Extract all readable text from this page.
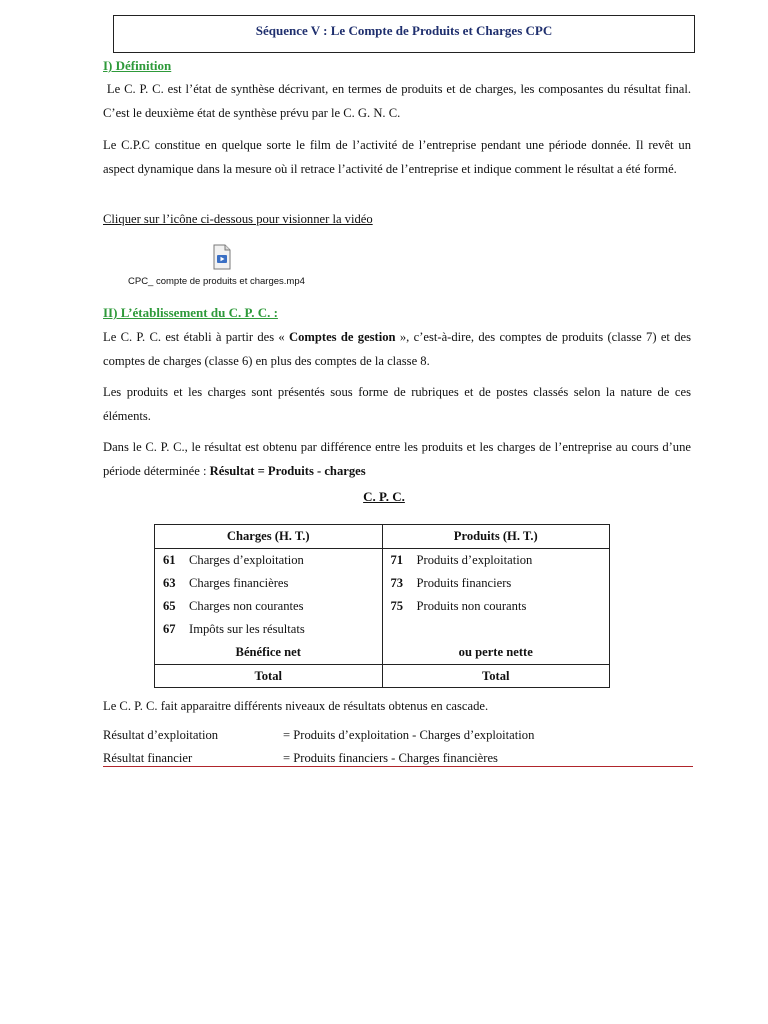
Séquence V : Le Compte de Produits et Charges CPC
I) Définition
Le C. P. C. est l’état de synthèse décrivant, en termes de produits et de charges, les composantes du résultat final. C’est le deuxième état de synthèse prévu par le C. G. N. C.
Le C.P.C constitue en quelque sorte le film de l’activité de l’entreprise pendant une période donnée. Il revêt un aspect dynamique dans la mesure où il retrace l’activité de l’entreprise et indique comment le résultat a été formé.
Cliquer sur l’icône ci-dessous pour visionner la vidéo
CPC_ compte de produits et charges.mp4
II) L’établissement du C. P. C. :
Le C. P. C. est établi à partir des « Comptes de gestion », c’est-à-dire, des comptes de produits (classe 7) et des comptes de charges (classe 6) en plus des comptes de la classe 8.
Les produits et les charges sont présentés sous forme de rubriques et de postes classés selon la nature de ces éléments.
Dans le C. P. C., le résultat est obtenu par différence entre les produits et les charges de l’entreprise au cours d’une période déterminée : Résultat = Produits - charges
C. P. C.
Charges (H. T.)	Produits (H. T.)
61 Charges d’exploitation	71 Produits d’exploitation
63 Charges financières	73 Produits financiers
65 Charges non courantes	75 Produits non courants
67 Impôts sur les résultats	
Bénéfice net	ou perte nette
Total	Total
Le C. P. C. fait apparaitre différents niveaux de résultats obtenus en cascade.
Résultat d’exploitation	= Produits d’exploitation - Charges d’exploitation
Résultat financier	= Produits financiers - Charges financières
